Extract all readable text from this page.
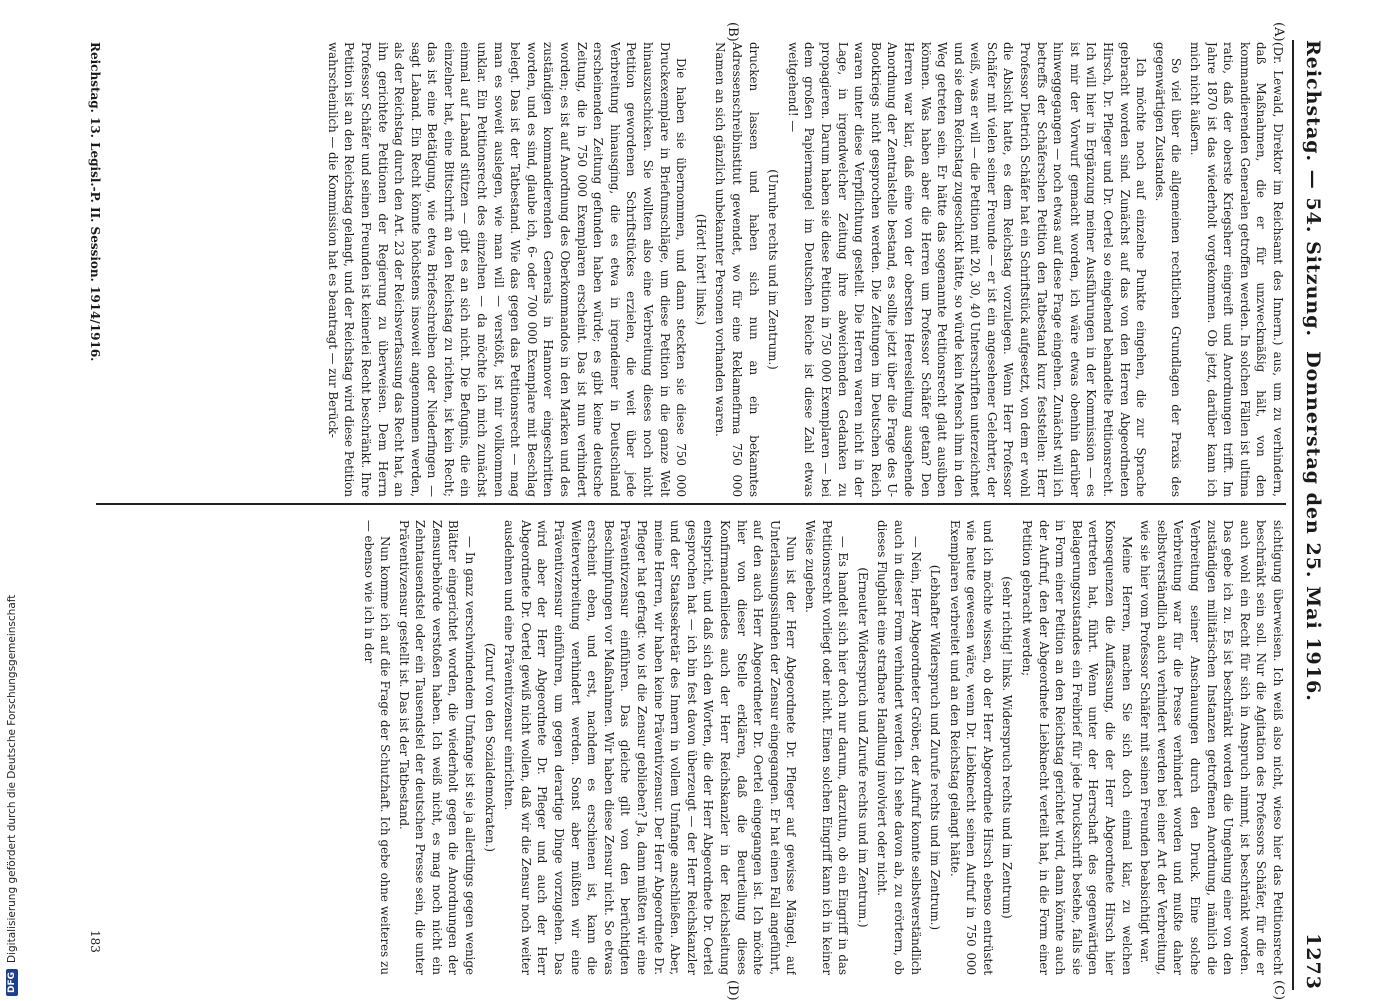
DFG
Digitalisierung gefördert durch die Deutsche Forschungsgemeinschaft
Reichstag. — 54. Sitzung.
Donnerstag den 25. Mai 1916.
1273
(A)
(B)
(C)
(D)

(Dr. Lewald, Direktor im Reichsamt des Innern.) aus, um zu verhindern, daß Maßnahmen, die er für unzweckmäßig hält, von den kommandierenden Generalen getroffen werden. In solchen Fällen ist ultima ratio, daß der oberste Kriegsherr eingreift und Anordnungen trifft. Im Jahre 1870 ist das wiederholt vorgekommen. Ob jetzt, darüber kann ich mich nicht äußern.

So viel über die allgemeinen rechtlichen Grundlagen der Praxis des gegenwärtigen Zustandes.

Ich möchte noch auf einzelne Punkte eingehen, die zur Sprache gebracht worden sind. Zunächst auf das von den Herren Abgeordneten Hirsch, Dr. Pfleger und Dr. Oertel so eingehend behandelte Petitionsrecht. Ich will hier in Ergänzung meiner Ausführungen in der Kommission — es ist mir der Vorwurf gemacht worden, ich wäre etwas obenhin darüber hinweggegangen — noch etwas auf diese Frage eingehen. Zunächst will ich betreffs der Schäferschen Petition den Tatbestand kurz feststellen: Herr Professor Dietrich Schäfer hat ein Schriftstück aufgesetzt, von dem er wohl die Absicht hatte, es dem Reichstag vorzulegen. Wenn Herr Professor Schäfer mit vielen seiner Freunde — er ist ein angesehener Gelehrter, der weiß, was er will — die Petition mit 20, 30, 40 Unterschriften unterzeichnet und sie dem Reichstag zugeschickt hätte, so würde kein Mensch ihm in den Weg getreten sein. Er hätte das sogenannte Petitionsrecht glatt ausüben können. Was haben aber die Herren um Professor Schäfer getan? Den Herren war klar, daß eine von der obersten Heeresleitung ausgehende Anordnung der Zentralstelle bestand, es sollte jetzt über die Frage des U-Bootkriegs nicht gesprochen werden. Die Zeitungen im Deutschen Reich waren unter diese Verpflichtung gestellt. Die Herren waren nicht in der Lage, in irgendwelcher Zeitung ihre abweichenden Gedanken zu propagieren. Darum haben sie diese Petition in 750 000 Exemplaren — bei dem großen Papiermangel im Deutschen Reiche ist diese Zahl etwas weitgehend! —

(Unruhe rechts und im Zentrum.)

drucken lassen und haben sich nun an ein bekanntes Adressenschreibinstitut gewendet, wo für eine Reklamefirma 750 000 Namen an sich gänzlich unbekannter Personen vorhanden waren.

(Hört! hört! links.)

Die haben sie übernommen, und dann steckten sie diese 750 000 Druckexemplare in Briefumschläge, um diese Petition in die ganze Welt hinauszuschicken. Sie wollten also eine Verbreitung dieses noch nicht Petition gewordenen Schriftstückes erzielen, die weit über jede Verbreitung hinausging, die es etwa in irgendeiner in Deutschland erscheinenden Zeitung gefunden haben würde; es gibt keine deutsche Zeitung, die in 750 000 Exemplaren erscheint. Das ist nun verhindert worden; es ist auf Anordnung des Oberkommandos in den Marken und des zuständigen kommandierenden Generals in Hannover eingeschritten worden, und es sind, glaube ich, 6- oder 700 000 Exemplare mit Beschlag belegt. Das ist der Tatbestand. Wie das gegen das Petitionsrecht — mag man es soweit auslegen, wie man will — verstößt, ist mir vollkommen unklar. Ein Petitionsrecht des einzelnen — da möchte ich mich zunächst einmal auf Laband stützen — gibt es an sich nicht. Die Befugnis, die ein einzelner hat, eine Bittschrift an den Reichstag zu richten, ist kein Recht; das ist eine Betätigung, wie etwa Briefeschreiben oder Niederfingen — sagt Laband. Ein Recht könnte höchstens insoweit angenommen werden, als der Reichstag durch den Art. 23 der Reichsverfassung das Recht hat, an ihn gerichtete Petitionen der Regierung zu überweisen. Dem Herrn Professor Schäfer und seinen Freunden ist keinerlei Recht beschränkt. Ihre Petition ist an den Reichstag gelangt, und der Reichstag wird diese Petition wahrscheinlich — die Kommission hat es beantragt — zur Berück-

sichtigung überweisen. Ich weiß also nicht, wieso hier das Petitionsrecht beschränkt sein soll. Nur die Agitation des Professors Schäfer, für die er auch wohl ein Recht für sich in Anspruch nimmt, ist beschränkt worden. Das gebe ich zu. Es ist beschränkt worden die Umgehung einer von den zuständigen militärischen Instanzen getroffenen Anordnung, nämlich die Verbreitung seiner Anschauungen durch den Druck. Eine solche Verbreitung war für die Presse verhindert worden und mußte daher selbstverständlich auch verhindert werden bei einer Art der Verbreitung, wie sie hier vom Professor Schäfer mit seinen Freunden beabsichtigt war.

Meine Herren, machen Sie sich doch einmal klar, zu welchen Konsequenzen die Auffassung, die der Herr Abgeordnete Hirsch hier vertreten hat, führt. Wenn unter der Herrschaft des gegenwärtigen Belagerungszustandes ein Freibrief für jede Druckschrift bestehe, falls sie in Form einer Petition an den Reichstag gerichtet wird, dann könnte auch der Aufruf, den der Abgeordnete Liebknecht verteilt hat, in die Form einer Petition gebracht werden;

(sehr richtig! links. Widerspruch rechts und im Zentrum)

und ich möchte wissen, ob der Herr Abgeordnete Hirsch ebenso entrüstet wie heute gewesen wäre, wenn Dr. Liebknecht seinen Aufruf in 750 000 Exemplaren verbreitet und an den Reichstag gelangt hätte.

(Lebhafter Widerspruch und Zurufe rechts und im Zentrum.)

— Nein, Herr Abgeordneter Gröber, der Aufruf konnte selbstverständlich auch in dieser Form verhindert werden. Ich sehe davon ab, zu erörtern, ob dieses Flugblatt eine strafbare Handlung involviert oder nicht.

(Erneuter Widerspruch und Zurufe rechts und im Zentrum.)

— Es handelt sich hier doch nur darum, darzutun, ob ein Eingriff in das Petitionsrecht vorliegt oder nicht. Einen solchen Eingriff kann ich in keiner Weise zugeben.

Nun ist der Herr Abgeordnete Dr. Pfleger auf gewisse Mängel, auf Unterlassungssünden der Zensur eingegangen. Er hat einen Fall angeführt, auf den auch Herr Abgeordneter Dr. Oertel eingegangen ist. Ich möchte hier von dieser Stelle erklären, daß die Beurteilung dieses Konfirmandenliedes auch der Herr Reichskanzler in der Reichsleitung entspricht, und daß sich den Worten, die der Herr Abgeordnete Dr. Oertel gesprochen hat — ich bin fest davon überzeugt — der Herr Reichskanzler und der Staatssekretär des Innern in vollem Umfange anschließen. Aber, meine Herren, wir haben keine Präventivzensur. Der Herr Abgeordnete Dr. Pfleger hat gefragt: wo ist die Zensur geblieben? Ja, dann müßten wir eine Präventivzensur einführen. Das gleiche gilt von den berüchtigten Beschimpfungen vor Maßnahmen. Wir haben diese Zensur nicht. So etwas erscheint eben, und erst, nachdem es erschienen ist, kann die Weiterverbreitung verhindert werden. Sonst aber müßten wir eine Präventivzensur einführen, um gegen derartige Dinge vorzugehen. Das wird aber der Herr Abgeordnete Dr. Pfleger und auch der Herr Abgeordnete Dr. Oertel gewiß nicht wollen, daß wir die Zensur noch weiter ausdehnen und eine Präventivzensur einrichten.

(Zuruf von den Sozialdemokraten.)

— In ganz verschwindendem Umfange ist sie ja allerdings gegen wenige Blätter eingerichtet worden, die wiederholt gegen die Anordnungen der Zensurbehörde verstoßen haben. Ich weiß nicht, es mag noch nicht ein Zehntausendstel oder ein Tausendstel der deutschen Presse sein, die unter Präventivzensur gestellt ist. Das ist der Tatbestand.

Nun komme ich auf die Frage der Schutzhaft. Ich gebe ohne weiteres zu — ebenso wie ich in der

Reichstag. 13. Legisl.-P. II. Session. 1914/1916.
183
